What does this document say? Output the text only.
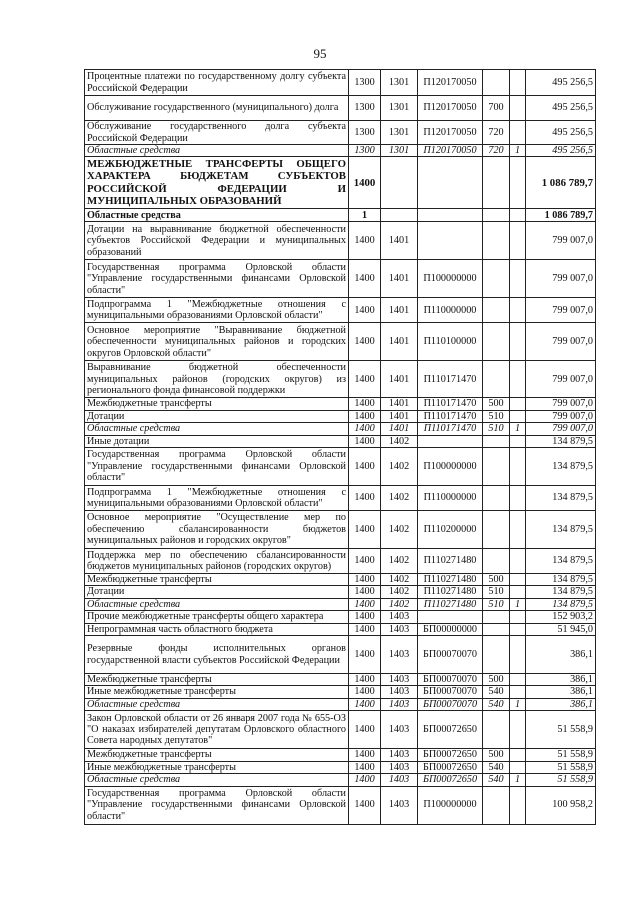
95
Процентные платежи по государственному долгу субъекта Российской Федерации	1300	1301	П120170050			495 256,5
Обслуживание государственного (муниципального) долга	1300	1301	П120170050	700		495 256,5
Обслуживание государственного долга субъекта Российской Федерации	1300	1301	П120170050	720		495 256,5
Областные средства	1300	1301	П120170050	720	1	495 256,5
МЕЖБЮДЖЕТНЫЕ ТРАНСФЕРТЫ ОБЩЕГО ХАРАКТЕРА БЮДЖЕТАМ СУБЪЕКТОВ РОССИЙСКОЙ ФЕДЕРАЦИИ И МУНИЦИПАЛЬНЫХ ОБРАЗОВАНИЙ	1400					1 086 789,7
Областные средства	1					1 086 789,7
Дотации на выравнивание бюджетной обеспеченности субъектов Российской Федерации и муниципальных образований	1400	1401				799 007,0
Государственная программа Орловской области "Управление государственными финансами Орловской области"	1400	1401	П100000000			799 007,0
Подпрограмма 1 "Межбюджетные отношения с муниципальными образованиями Орловской области"	1400	1401	П110000000			799 007,0
Основное мероприятие "Выравнивание бюджетной обеспеченности муниципальных районов и городских округов Орловской области"	1400	1401	П110100000			799 007,0
Выравнивание бюджетной обеспеченности муниципальных районов (городских округов) из регионального фонда финансовой поддержки	1400	1401	П110171470			799 007,0
Межбюджетные трансферты	1400	1401	П110171470	500		799 007,0
Дотации	1400	1401	П110171470	510		799 007,0
Областные средства	1400	1401	П110171470	510	1	799 007,0
Иные дотации	1400	1402				134 879,5
Государственная программа Орловской области "Управление государственными финансами Орловской области"	1400	1402	П100000000			134 879,5
Подпрограмма 1 "Межбюджетные отношения с муниципальными образованиями Орловской области"	1400	1402	П110000000			134 879,5
Основное мероприятие "Осуществление мер по обеспечению сбалансированности бюджетов муниципальных районов и городских округов"	1400	1402	П110200000			134 879,5
Поддержка мер по обеспечению сбалансированности бюджетов муниципальных районов (городских округов)	1400	1402	П110271480			134 879,5
Межбюджетные трансферты	1400	1402	П110271480	500		134 879,5
Дотации	1400	1402	П110271480	510		134 879,5
Областные средства	1400	1402	П110271480	510	1	134 879,5
Прочие межбюджетные трансферты общего характера	1400	1403				152 903,2
Непрограммная часть областного бюджета	1400	1403	БП00000000			51 945,0
Резервные фонды исполнительных органов государственной власти субъектов Российской Федерации	1400	1403	БП00070070			386,1
Межбюджетные трансферты	1400	1403	БП00070070	500		386,1
Иные межбюджетные трансферты	1400	1403	БП00070070	540		386,1
Областные средства	1400	1403	БП00070070	540	1	386,1
Закон Орловской области от 26 января 2007 года № 655-ОЗ "О наказах избирателей депутатам Орловского областного Совета народных депутатов"	1400	1403	БП00072650			51 558,9
Межбюджетные трансферты	1400	1403	БП00072650	500		51 558,9
Иные межбюджетные трансферты	1400	1403	БП00072650	540		51 558,9
Областные средства	1400	1403	БП00072650	540	1	51 558,9
Государственная программа Орловской области "Управление государственными финансами Орловской области"	1400	1403	П100000000			100 958,2
